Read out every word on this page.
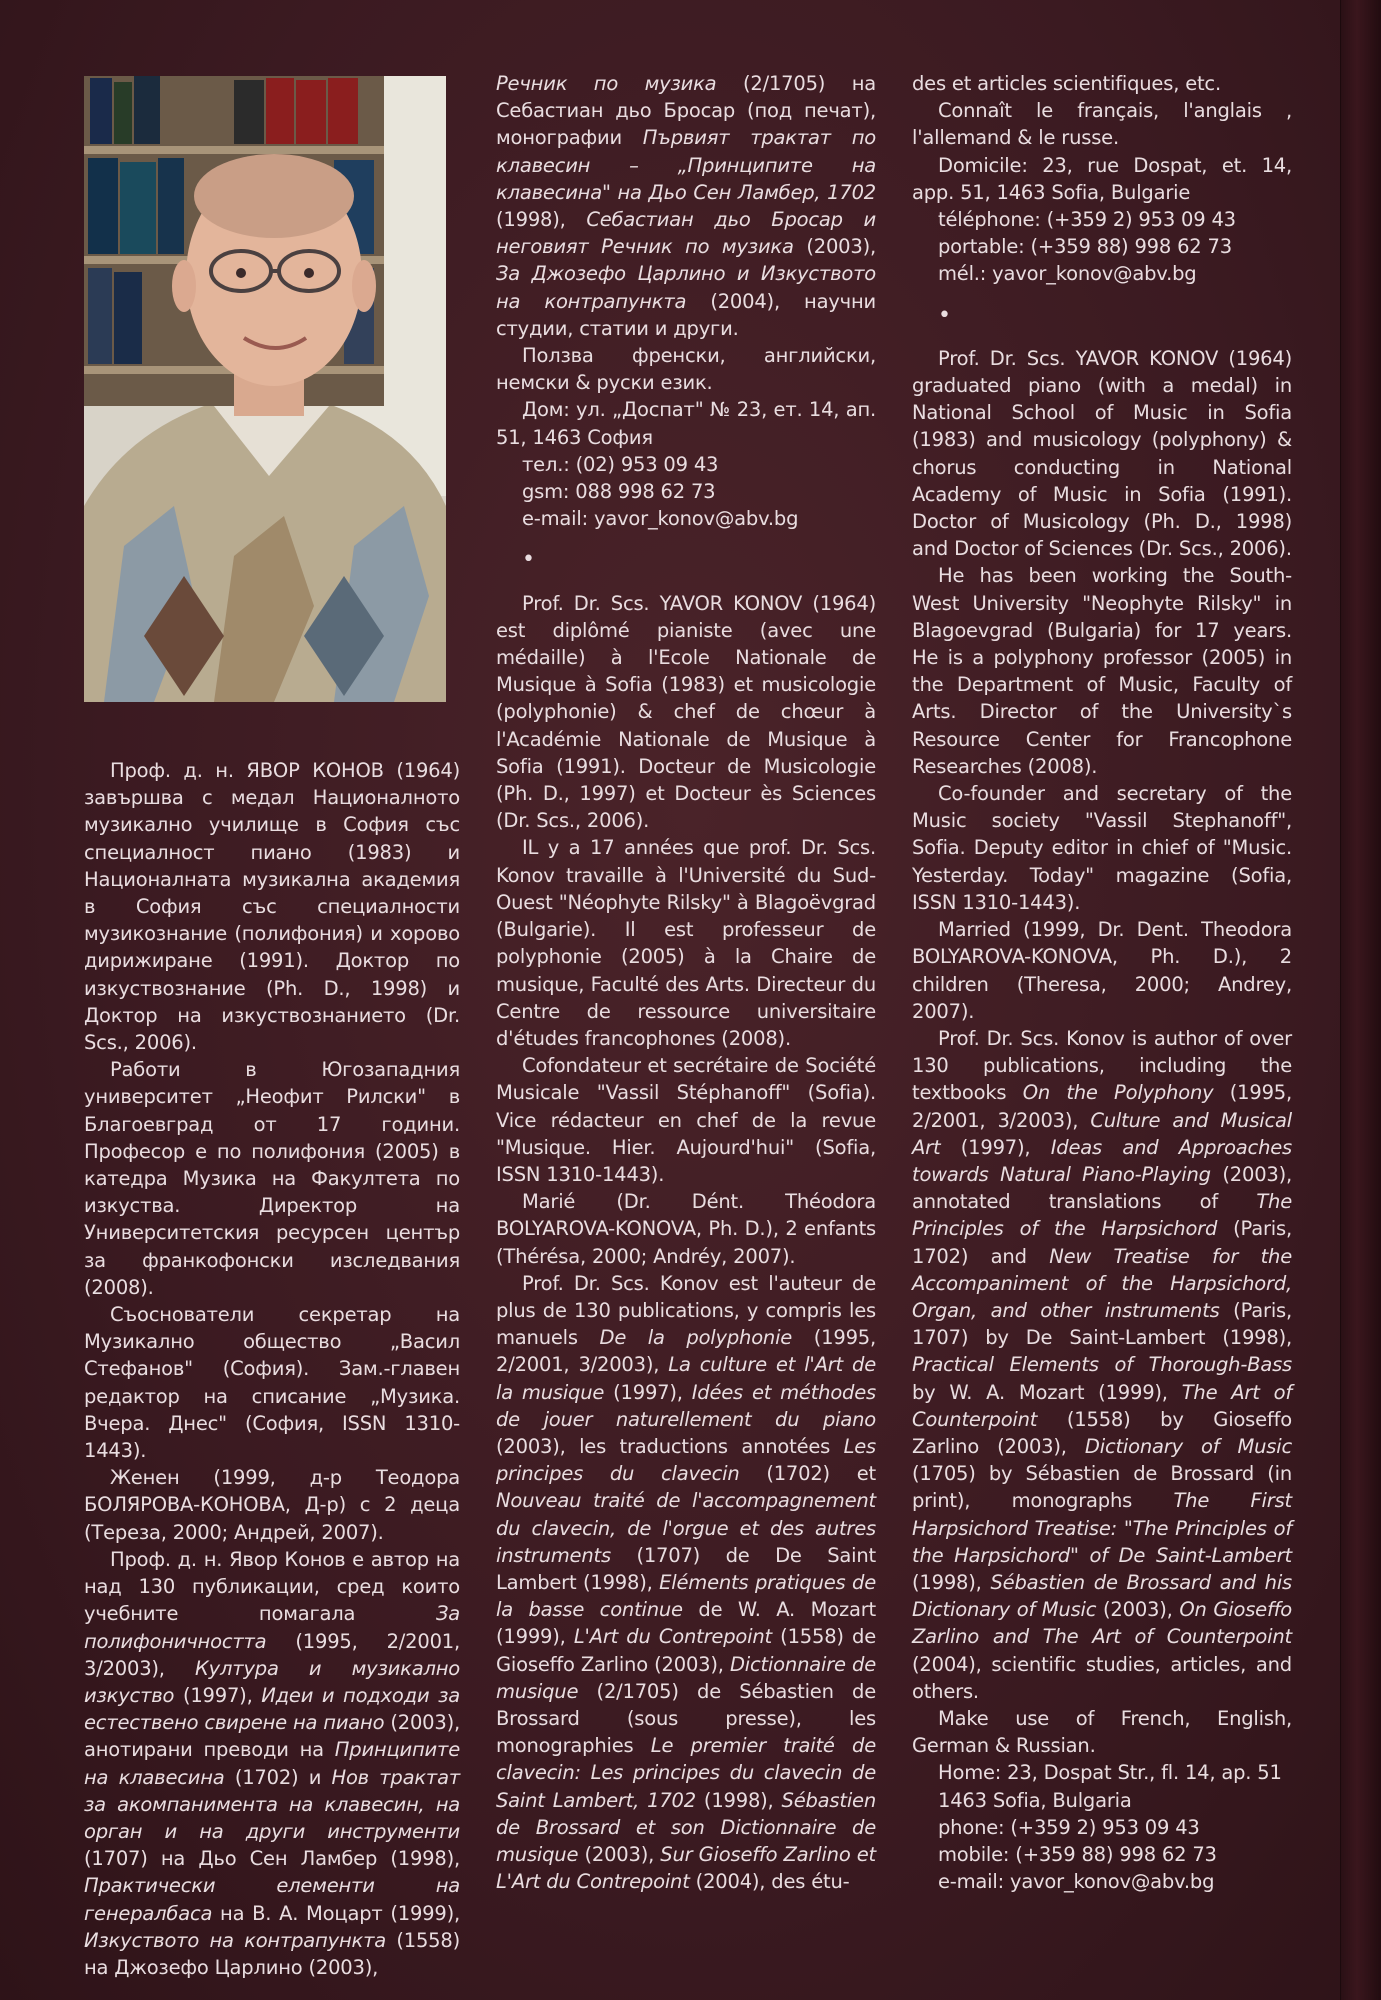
Проф. д. н. ЯВОР КОНОВ (1964) завършва с медал Националното музикално училище в София със специалност пиано (1983) и Националната музикална академия в София със специалности музикознание (полифония) и хорово дирижиране (1991). Доктор по изкуствознание (Ph. D., 1998) и Доктор на изкуствознанието (Dr. Scs., 2006).

Работи в Югозападния университет „Неофит Рилски" в Благоевград от 17 години. Професор е по полифония (2005) в катедра Музика на Факултета по изкуства. Директор на Университетския ресурсен център за франкофонски изследвания (2008).

Съоснователи секретар на Музикално общество „Васил Стефанов" (София). Зам.-главен редактор на списание „Музика. Вчера. Днес" (София, ISSN 1310-1443).

Женен (1999, д-р Теодора БОЛЯРОВА-КОНОВА, Д-р) с 2 деца (Тереза, 2000; Андрей, 2007).

Проф. д. н. Явор Конов е автор на над 130 публикации, сред които учебните помагала За полифоничността (1995, 2/2001, 3/2003), Култура и музикално изкуство (1997), Идеи и подходи за естествено свирене на пиано (2003), анотирани преводи на Принципите на клавесина (1702) и Нов трактат за акомпанимента на клавесин, на орган и на други инструменти (1707) на Дьо Сен Ламбер (1998), Практически елементи на генералбаса на В. А. Моцарт (1999), Изкуството на контрапункта (1558) на Джозефо Царлино (2003),

Речник по музика (2/1705) на Себастиан дьо Бросар (под печат), монографии Първият трактат по клавесин – „Принципите на клавесина" на Дьо Сен Ламбер, 1702 (1998), Себастиан дьо Бросар и неговият Речник по музика (2003), За Джозефо Царлино и Изкуството на контрапункта (2004), научни студии, статии и други.

Ползва френски, английски, немски & руски език.

Дом: ул. „Доспат" № 23, ет. 14, ап. 51, 1463 София

тел.: (02) 953 09 43

gsm: 088 998 62 73

e-mail: yavor_konov@abv.bg

•

Prof. Dr. Scs. YAVOR KONOV (1964) est diplômé pianiste (avec une médaille) à l'Ecole Nationale de Musique à Sofia (1983) et musicologie (polyphonie) & chef de chœur à l'Académie Nationale de Musique à Sofia (1991). Docteur de Musicologie (Ph. D., 1997) et Docteur ès Sciences (Dr. Scs., 2006).

IL y a 17 années que prof. Dr. Scs. Konov travaille à l'Université du Sud-Ouest "Néophyte Rilsky" à Blagoëvgrad (Bulgarie). Il est professeur de polyphonie (2005) à la Chaire de musique, Faculté des Arts. Directeur du Centre de ressource universitaire d'études francophones (2008).

Cofondateur et secrétaire de Société Musicale "Vassil Stéphanoff" (Sofia). Vice rédacteur en chef de la revue "Musique. Hier. Aujourd'hui" (Sofia, ISSN 1310-1443).

Marié (Dr. Dént. Théodora BOLYAROVA-KONOVA, Ph. D.), 2 enfants (Thérésa, 2000; Andréy, 2007).

Prof. Dr. Scs. Konov est l'auteur de plus de 130 publications, y compris les manuels De la polyphonie (1995, 2/2001, 3/2003), La culture et l'Art de la musique (1997), Idées et méthodes de jouer naturellement du piano (2003), les traductions annotées Les principes du clavecin (1702) et Nouveau traité de l'accompagnement du clavecin, de l'orgue et des autres instruments (1707) de De Saint Lambert (1998), Eléments pratiques de la basse continue de W. A. Mozart (1999), L'Art du Contrepoint (1558) de Gioseffo Zarlino (2003), Dictionnaire de musique (2/1705) de Sébastien de Brossard (sous presse), les monographies Le premier traité de clavecin: Les principes du clavecin de Saint Lambert, 1702 (1998), Sébastien de Brossard et son Dictionnaire de musique (2003), Sur Gioseffo Zarlino et L'Art du Contrepoint (2004), des étu-

des et articles scientifiques, etc.

Connaît le français, l'anglais , l'allemand & le russe.

Domicile: 23, rue Dospat, et. 14, app. 51, 1463 Sofia, Bulgarie

téléphone: (+359 2) 953 09 43

portable: (+359 88) 998 62 73

mél.: yavor_konov@abv.bg

•

Prof. Dr. Scs. YAVOR KONOV (1964) graduated piano (with a medal) in National School of Music in Sofia (1983) and musicology (polyphony) & chorus conducting in National Academy of Music in Sofia (1991). Doctor of Musicology (Ph. D., 1998) and Doctor of Sciences (Dr. Scs., 2006).

He has been working the South-West University "Neophyte Rilsky" in Blagoevgrad (Bulgaria) for 17 years. He is a polyphony professor (2005) in the Department of Music, Faculty of Arts. Director of the University`s Resource Center for Francophone Researches (2008).

Co-founder and secretary of the Music society "Vassil Stephanoff", Sofia. Deputy editor in chief of "Music. Yesterday. Today" magazine (Sofia, ISSN 1310-1443).

Married (1999, Dr. Dent. Theodora BOLYAROVA-KONOVA, Ph. D.), 2 children (Theresa, 2000; Andrey, 2007).

Prof. Dr. Scs. Konov is author of over 130 publications, including the textbooks On the Polyphony (1995, 2/2001, 3/2003), Culture and Musical Art (1997), Ideas and Approaches towards Natural Piano-Playing (2003), annotated translations of The Principles of the Harpsichord (Paris, 1702) and New Treatise for the Accompaniment of the Harpsichord, Organ, and other instruments (Paris, 1707) by De Saint-Lambert (1998), Practical Elements of Thorough-Bass by W. A. Mozart (1999), The Art of Counterpoint (1558) by Gioseffo Zarlino (2003), Dictionary of Music (1705) by Sébastien de Brossard (in print), monographs The First Harpsichord Treatise: "The Principles of the Harpsichord" of De Saint-Lambert (1998), Sébastien de Brossard and his Dictionary of Music (2003), On Gioseffo Zarlino and The Art of Counterpoint (2004), scientific studies, articles, and others.

Make use of French, English, German & Russian.

Home: 23, Dospat Str., fl. 14, ap. 51

1463 Sofia, Bulgaria

phone: (+359 2) 953 09 43

mobile: (+359 88) 998 62 73

e-mail: yavor_konov@abv.bg
